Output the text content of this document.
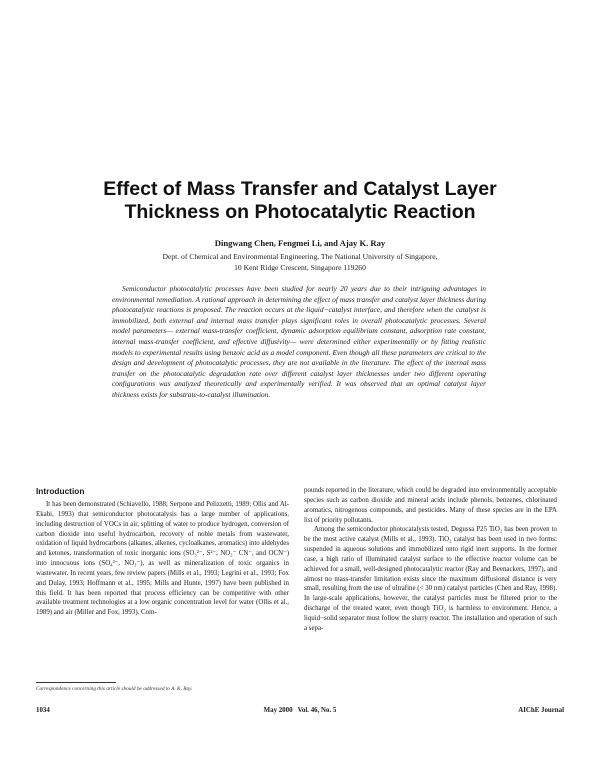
Effect of Mass Transfer and Catalyst Layer
Thickness on Photocatalytic Reaction
Dingwang Chen, Fengmei Li, and Ajay K. Ray
Dept. of Chemical and Environmental Engineering, The National University of Singapore,
10 Kent Ridge Crescent, Singapore 119260

Semiconductor photocatalytic processes have been studied for nearly 20 years due to their intriguing advantages in environmental remediation. A rational approach in determining the effect of mass transfer and catalyst layer thickness during photocatalytic reactions is proposed. The reaction occurs at the liquid−catalyst interface, and therefore when the catalyst is immobilized, both external and internal mass transfer plays significant roles in overall photocatalytic processes. Several model parameters— external mass-transfer coefficient, dynamic adsorption equilibrium constant, adsorption rate constant, internal mass-transfer coefficient, and effective diffusivity— were determined either experimentally or by fitting realistic models to experimental results using benzoic acid as a model component. Even though all these parameters are critical to the design and development of photocatalytic processes, they are not available in the literature. The effect of the internal mass transfer on the photocatalytic degradation rate over different catalyst layer thicknesses under two different operating configurations was analyzed theoretically and experimentally verified. It was observed that an optimal catalyst layer thickness exists for substrate-to-catalyst illumination.

Introduction

It has been demonstrated (Schiavello, 1988; Serpone and Pelizzetti, 1989; Ollis and Al-Ekabi, 1993) that semiconductor photocatalysis has a large number of applications, including destruction of VOCs in air, splitting of water to produce hydrogen, conversion of carbon dioxide into useful hydrocarbon, recovery of noble metals from wastewater, oxidation of liquid hydrocarbons (alkanes, alkenes, cycloalkanes, aromatics) into aldehydes and ketones, transformation of toxic inorganic ions (SO₃²⁻, S²⁻, NO₂⁻ CN⁻, and OCN⁻) into innocuous ions (SO₄²⁻, NO₃⁻), as well as mineralization of toxic organics in wastewater. In recent years, few review papers (Mills et al., 1993; Legrini et al., 1993; Fox and Dulay, 1993; Hoffmann et al., 1995; Mills and Hunte, 1997) have been published in this field. It has been reported that process efficiency can be competitive with other available treatment technologies at a low organic concentration level for water (Ollis et al., 1989) and air (Miller and Fox, 1993). Com-

pounds reported in the literature, which could be degraded into environmentally acceptable species such as carbon dioxide and mineral acids include phenols, benzenes, chlorinated aromatics, nitrogenous compounds, and pesticides. Many of these species are in the EPA list of priority pollutants.

Among the semiconductor photocatalysts tested, Degussa P25 TiO₂ has been proven to be the most active catalyst (Mills et al., 1993). TiO₂ catalyst has been used in two forms: suspended in aqueous solutions and immobilized onto rigid inert supports. In the former case, a high ratio of illuminated catalyst surface to the effective reactor volume can be achieved for a small, well-designed photocatalytic reactor (Ray and Beenackers, 1997), and almost no mass-transfer limitation exists since the maximum diffusional distance is very small, resulting from the use of ultrafine (< 30 nm) catalyst particles (Chen and Ray, 1998). In large-scale applications, however, the catalyst particles must be filtered prior to the discharge of the treated water, even though TiO₂ is harmless to environment. Hence, a liquid−solid separator must follow the slurry reactor. The installation and operation of such a sepa-

Correspondence concerning this article should be addressed to A. K. Ray.
1034	May 2000   Vol. 46, No. 5	AIChE Journal
